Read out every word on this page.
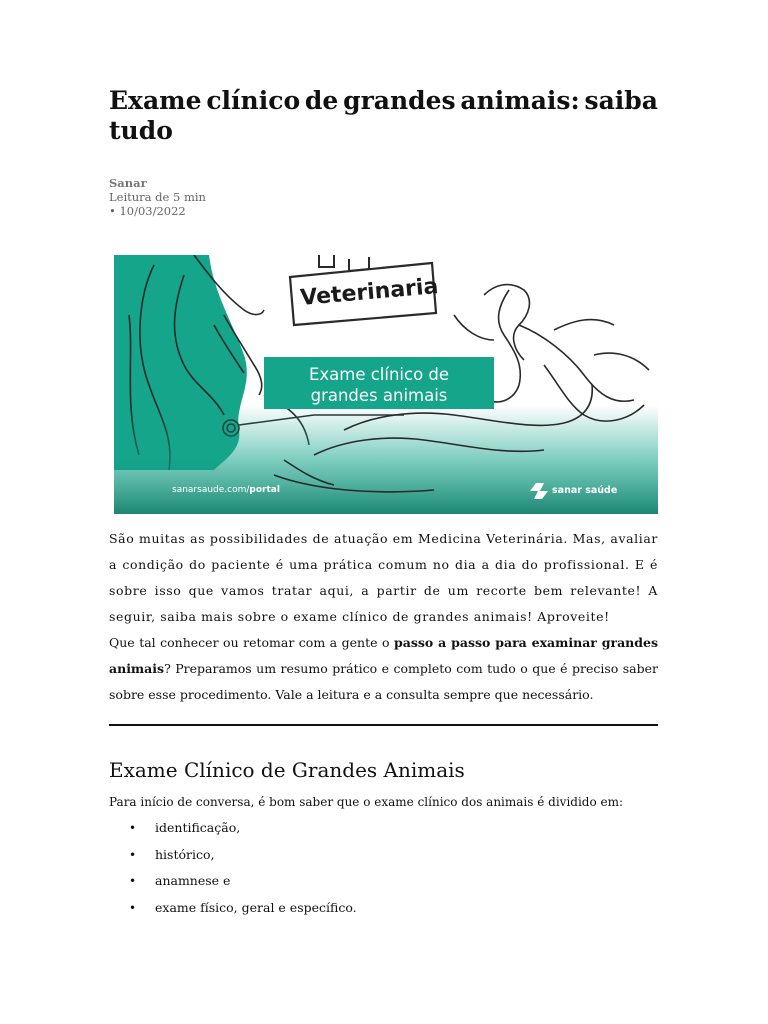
Exame clínico de grandes animais: saiba
tudo
Sanar
Leitura de 5 min
• 10/03/2022
Veterinaria
Exame clínico de
grandes animais
sanarsaude.com/portal	sanar saúde

São muitas as possibilidades de atuação em Medicina Veterinária. Mas, avaliar a condição do paciente é uma prática comum no dia a dia do profissional. E é sobre isso que vamos tratar aqui, a partir de um recorte bem relevante! A seguir, saiba mais sobre o exame clínico de grandes animais! Aproveite!

Que tal conhecer ou retomar com a gente o passo a passo para examinar grandes animais? Preparamos um resumo prático e completo com tudo o que é preciso saber sobre esse procedimento. Vale a leitura e a consulta sempre que necessário.

Exame Clínico de Grandes Animais

Para início de conversa, é bom saber que o exame clínico dos animais é dividido em:

• identificação,
• histórico,
• anamnese e
• exame físico, geral e específico.
